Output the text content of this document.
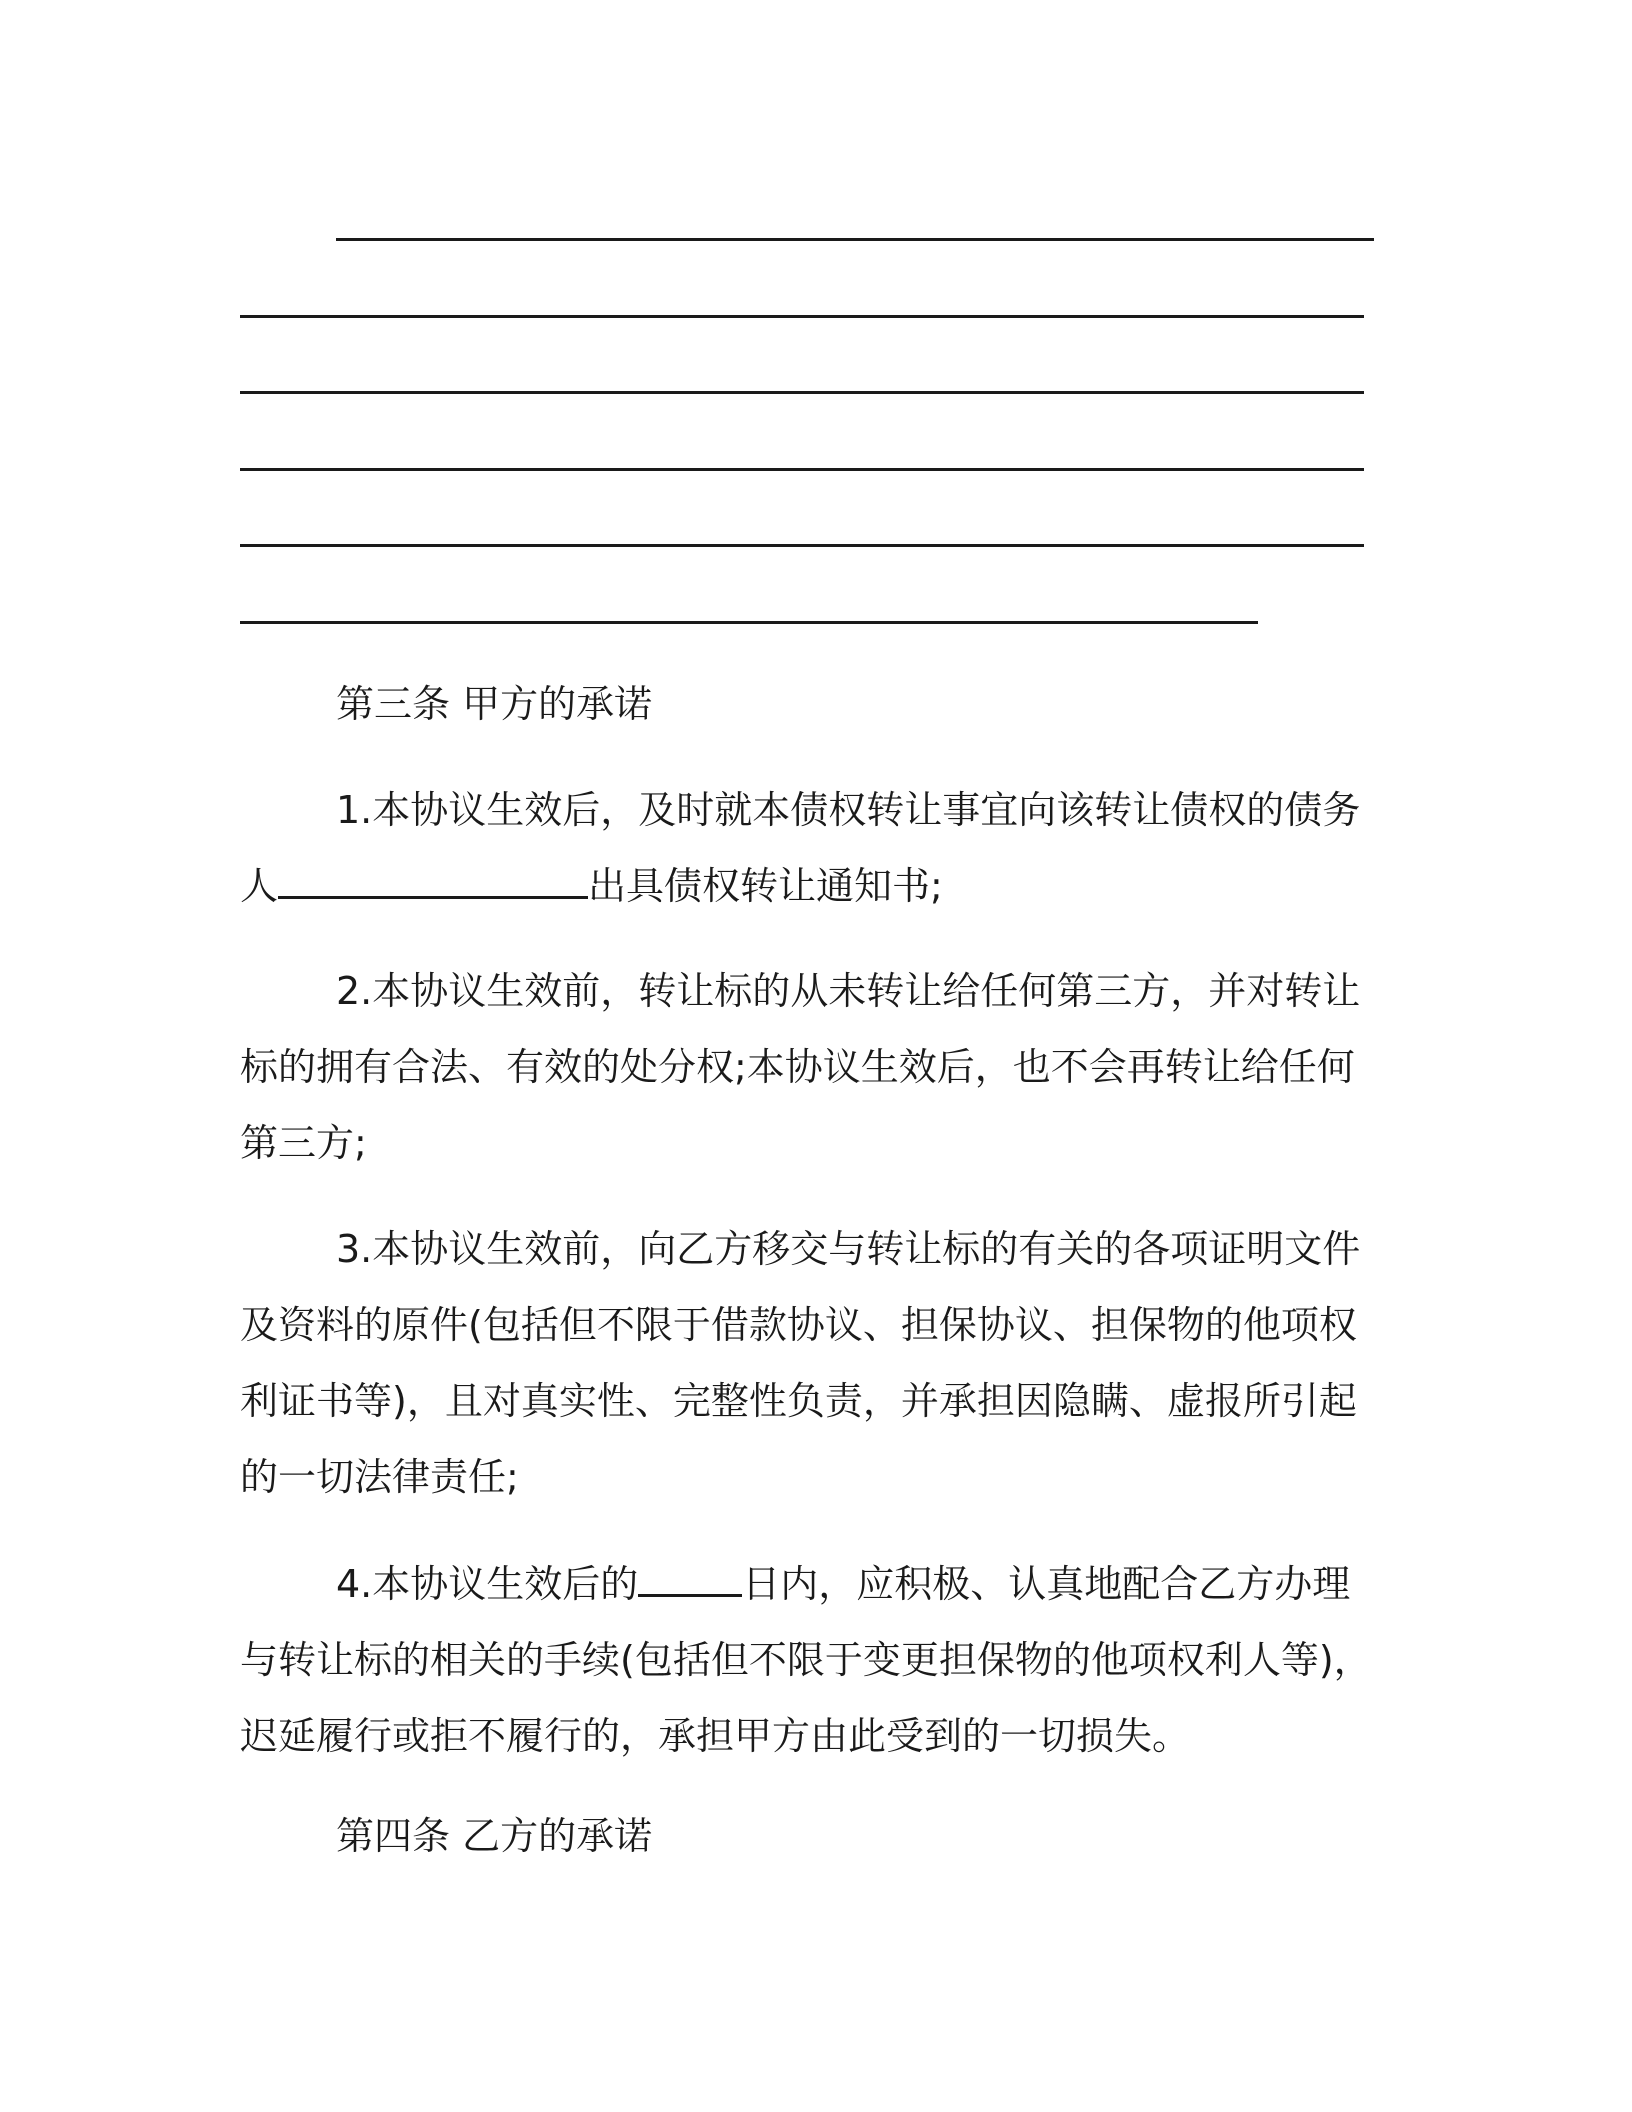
第三条 甲方的承诺

1.本协议生效后，及时就本债权转让事宜向该转让债权的债务人	出具债权转让通知书;

2.本协议生效前，转让标的从未转让给任何第三方，并对转让标的拥有合法、有效的处分权;本协议生效后，也不会再转让给任何第三方;

3.本协议生效前，向乙方移交与转让标的有关的各项证明文件及资料的原件(包括但不限于借款协议、担保协议、担保物的他项权利证书等)，且对真实性、完整性负责，并承担因隐瞒、虚报所引起的一切法律责任;

4.本协议生效后的	日内，应积极、认真地配合乙方办理与转让标的相关的手续(包括但不限于变更担保物的他项权利人等)，迟延履行或拒不履行的，承担甲方由此受到的一切损失。

第四条 乙方的承诺
